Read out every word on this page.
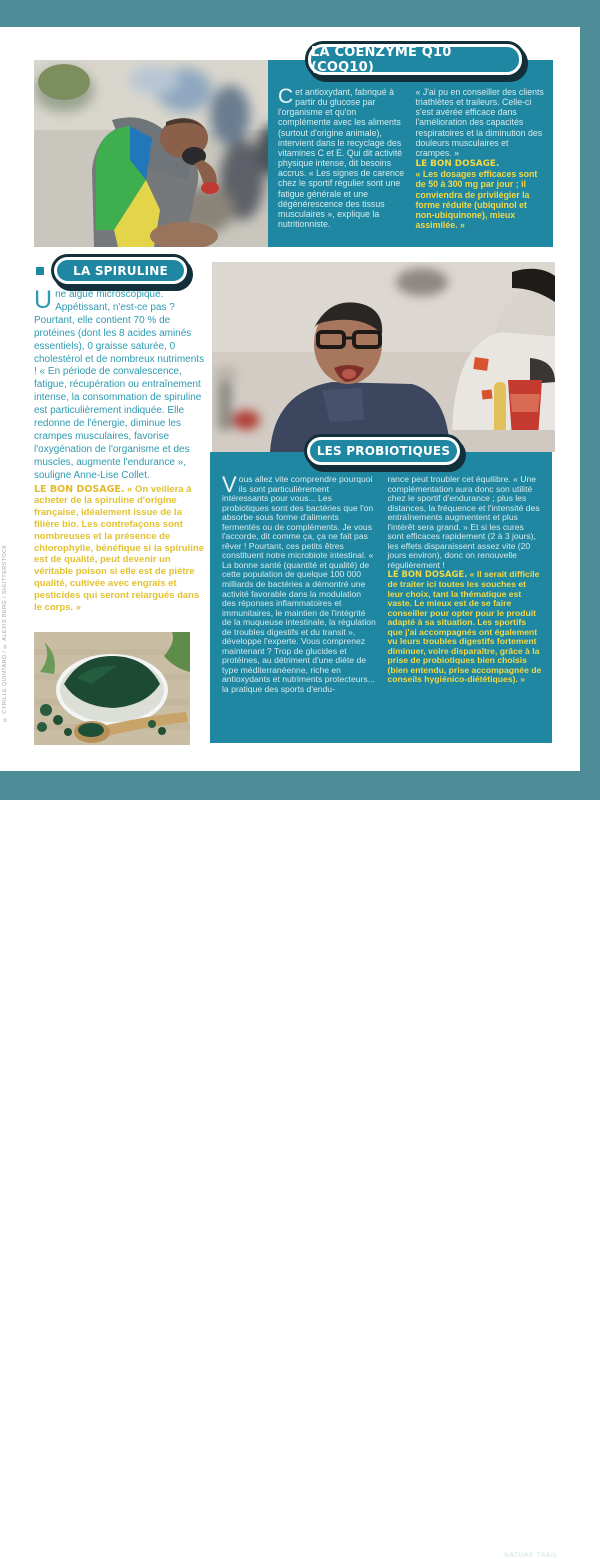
NATURE TRAIL 75
© CYRILLE QUINTARD / © ALEXIS BERG / SHUTTERSTOCK
LA COENZYME Q10 (COQ10)
Cet antioxydant, fabriqué à partir du glucose par l'organisme et qu'on complémente avec les aliments (surtout d'origine animale), intervient dans le recyclage des vitamines C et E. Qui dit activité physique intense, dit besoins accrus. « Les signes de carence chez le sportif régulier sont une fatigue générale et une dégénérescence des tissus musculaires », explique la nutritionniste.
« J'ai pu en conseiller des clients triathlètes et traileurs. Celle-ci s'est avérée efficace dans l'amélioration des capacités respiratoires et la diminution des douleurs musculaires et crampes. »
LE BON DOSAGE.
« Les dosages efficaces sont de 50 à 300 mg par jour ; il conviendra de privilégier la forme réduite (ubiquinol et non-ubiquinone), mieux assimilée. »
LA SPIRULINE
Une algue microscopique. Appétissant, n'est-ce pas ? Pourtant, elle contient 70 % de protéines (dont les 8 acides aminés essentiels), 0 graisse saturée, 0 cholestérol et de nombreux nutriments ! « En période de convalescence, fatigue, récupération ou entraînement intense, la consommation de spiruline est particulièrement indiquée. Elle redonne de l'énergie, diminue les crampes musculaires, favorise l'oxygénation de l'organisme et des muscles, augmente l'endurance », souligne Anne-Lise Collet.
LE BON DOSAGE. « On veillera à acheter de la spiruline d'origine française, idéalement issue de la filière bio. Les contrefaçons sont nombreuses et la présence de chlorophylle, bénéfique si la spiruline est de qualité, peut devenir un véritable poison si elle est de piètre qualité, cultivée avec engrais et pesticides qui seront relargués dans le corps. »
LES PROBIOTIQUES
Vous allez vite comprendre pourquoi ils sont particulièrement intéressants pour vous... Les probiotiques sont des bactéries que l'on absorbe sous forme d'aliments fermentés ou de compléments. Je vous l'accorde, dit comme ça, ça ne fait pas rêver ! Pourtant, ces petits êtres constituent notre microbiote intestinal. « La bonne santé (quantité et qualité) de cette population de quelque 100 000 milliards de bactéries a démontré une activité favorable dans la modulation des réponses inflammatoires et immunitaires, le maintien de l'intégrité de la muqueuse intestinale, la régulation de troubles digestifs et du transit », développe l'experte. Vous comprenez maintenant ? Trop de glucides et protéines, au détriment d'une diète de type méditerranéenne, riche en antioxydants et nutriments protecteurs... la pratique des sports d'endu-
rance peut troubler cet équilibre. « Une complémentation aura donc son utilité chez le sportif d'endurance ; plus les distances, la fréquence et l'intensité des entraînements augmentent et plus l'intérêt sera grand. » Et si les cures sont efficaces rapidement (2 à 3 jours), les effets disparaissent assez vite (20 jours environ), donc on renouvelle régulièrement !
LE BON DOSAGE. « Il serait difficile de traiter ici toutes les souches et leur choix, tant la thématique est vaste. Le mieux est de se faire conseiller pour opter pour le produit adapté à sa situation. Les sportifs que j'ai accompagnés ont également vu leurs troubles digestifs fortement diminuer, voire disparaître, grâce à la prise de probiotiques bien choisis (bien entendu, prise accompagnée de conseils hygiénico-diététiques). »
